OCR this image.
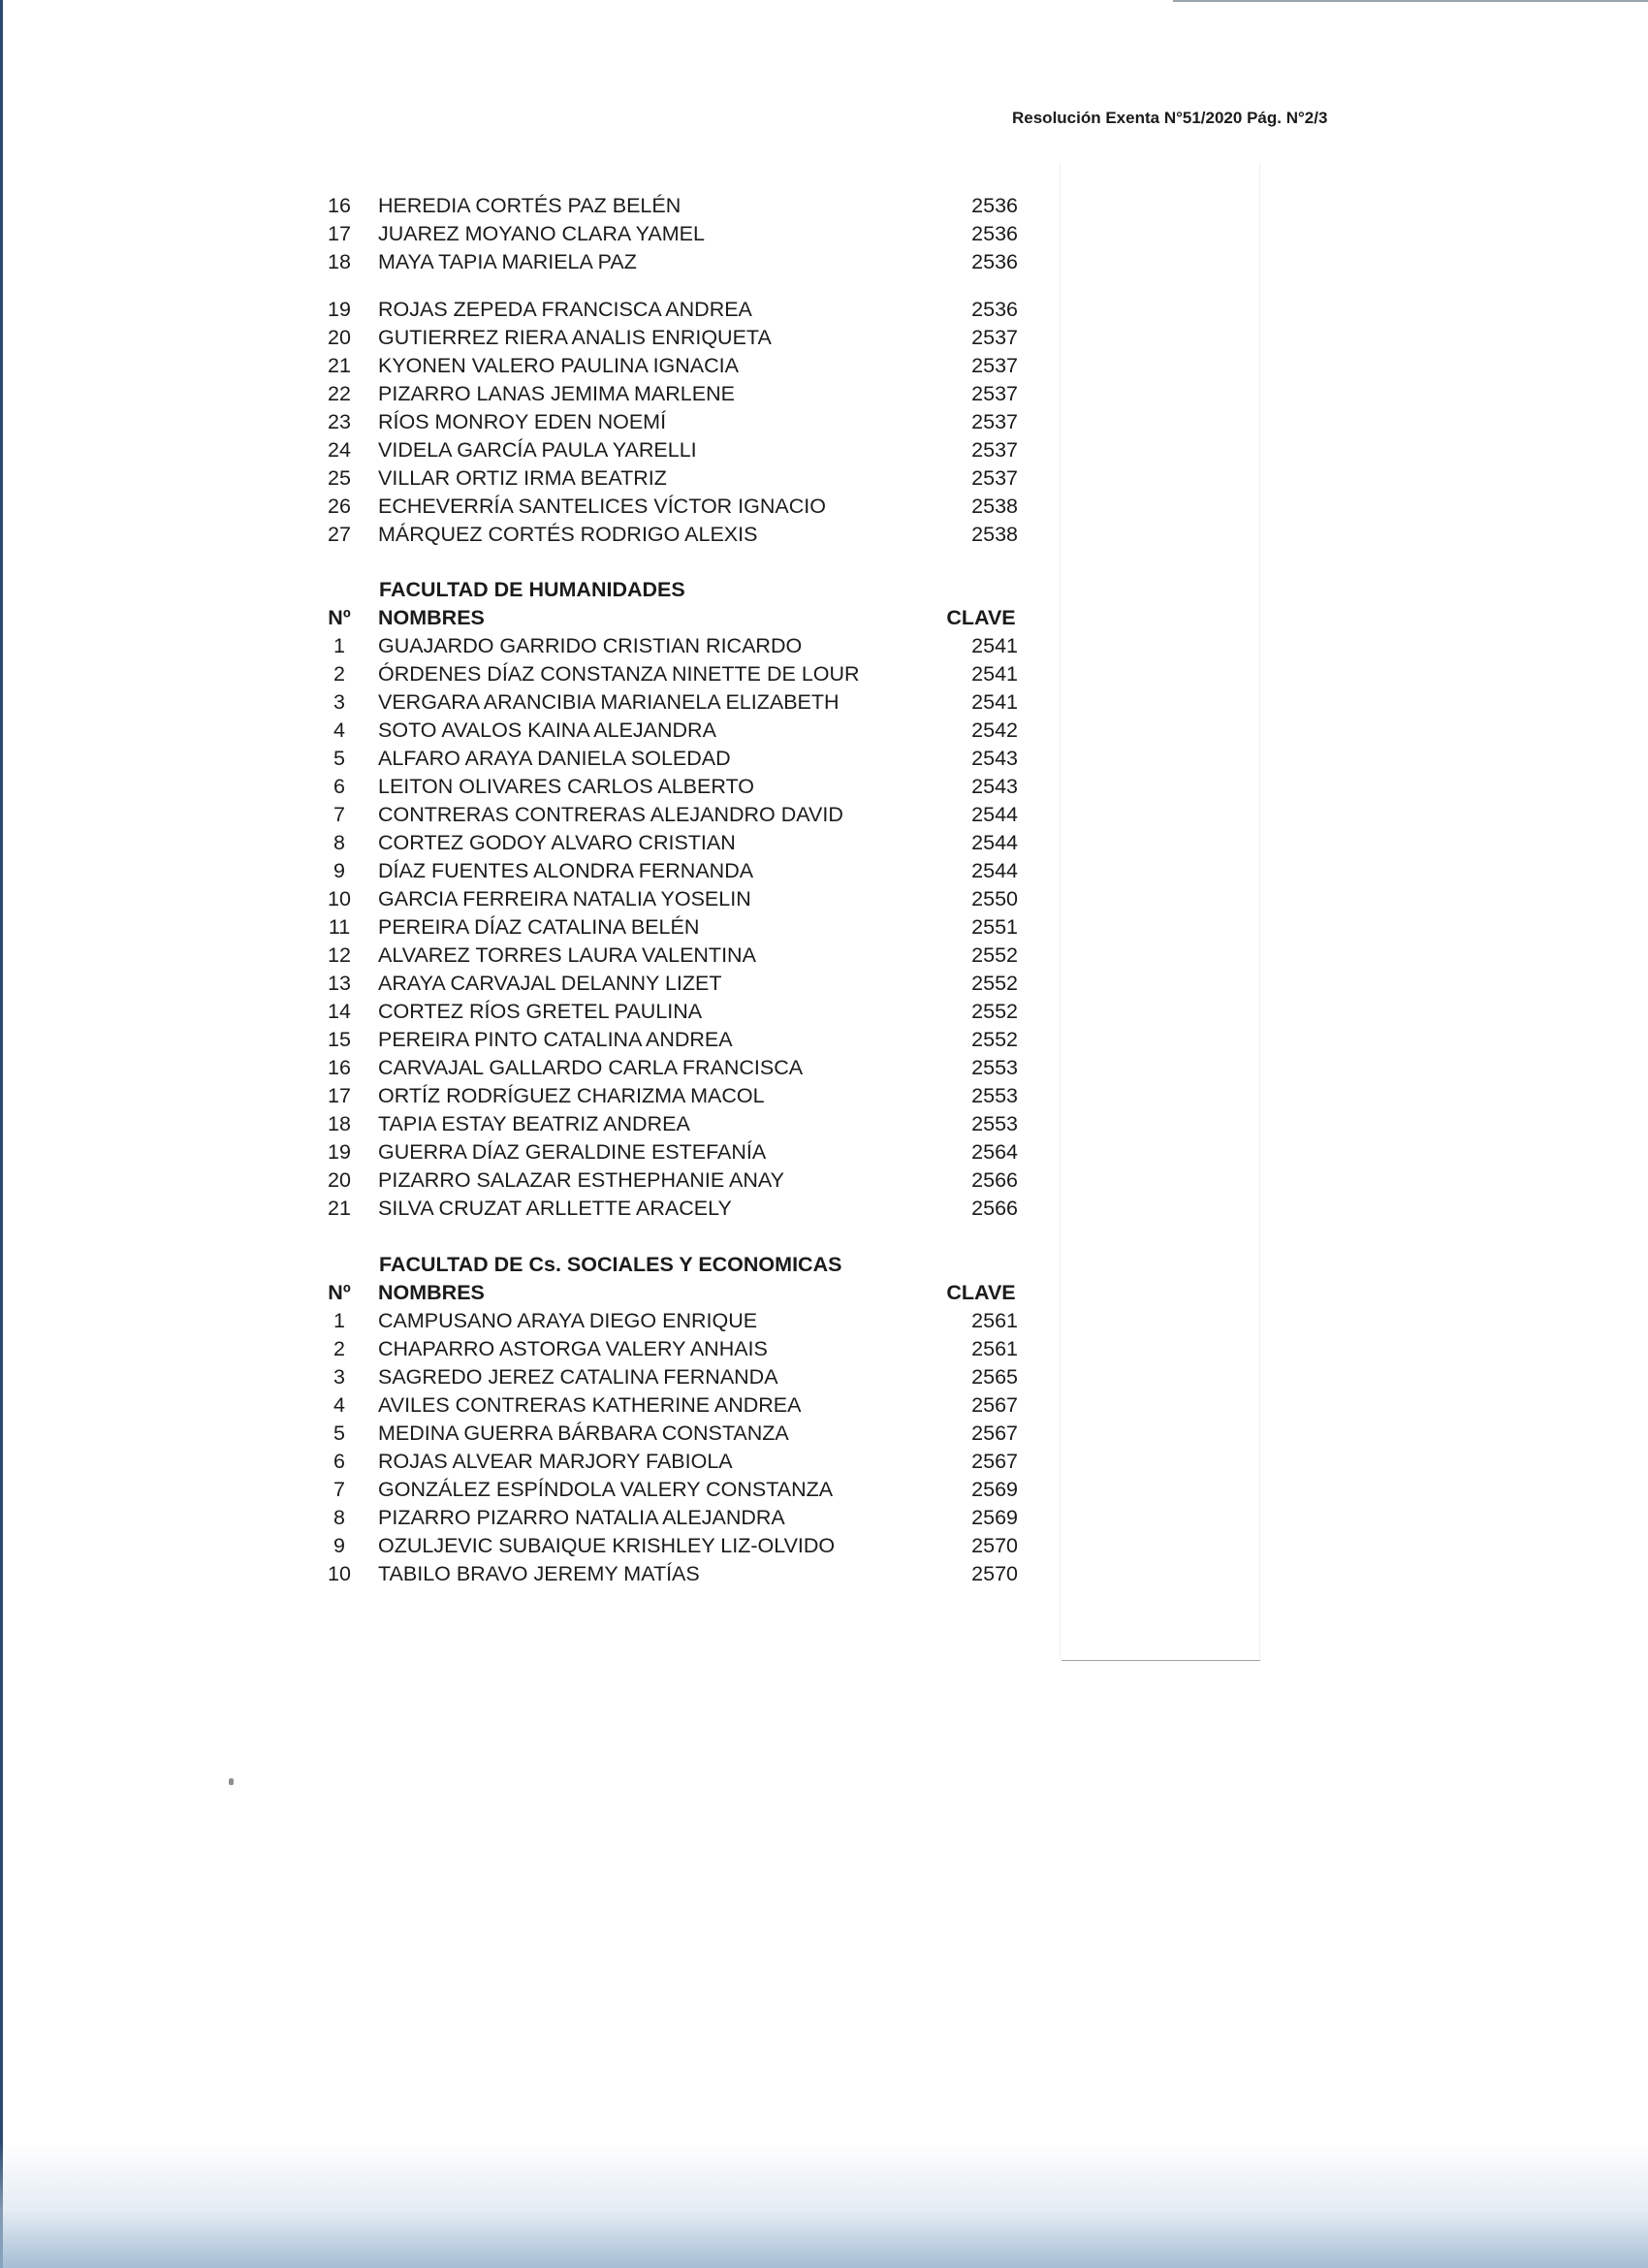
Resolución Exenta N°51/2020 Pág. N°2/3
16	HEREDIA CORTÉS PAZ BELÉN	2536
17	JUAREZ MOYANO CLARA YAMEL	2536
18	MAYA TAPIA MARIELA PAZ	2536
19	ROJAS ZEPEDA FRANCISCA ANDREA	2536
20	GUTIERREZ RIERA ANALIS ENRIQUETA	2537
21	KYONEN VALERO PAULINA IGNACIA	2537
22	PIZARRO LANAS JEMIMA MARLENE	2537
23	RÍOS MONROY EDEN NOEMÍ	2537
24	VIDELA GARCÍA PAULA YARELLI	2537
25	VILLAR ORTIZ IRMA BEATRIZ	2537
26	ECHEVERRÍA SANTELICES VÍCTOR IGNACIO	2538
27	MÁRQUEZ CORTÉS RODRIGO ALEXIS	2538
FACULTAD DE HUMANIDADES
Nº	NOMBRES	CLAVE
1	GUAJARDO GARRIDO CRISTIAN RICARDO	2541
2	ÓRDENES DÍAZ CONSTANZA NINETTE DE LOUR	2541
3	VERGARA ARANCIBIA MARIANELA ELIZABETH	2541
4	SOTO AVALOS KAINA ALEJANDRA	2542
5	ALFARO ARAYA DANIELA SOLEDAD	2543
6	LEITON OLIVARES CARLOS ALBERTO	2543
7	CONTRERAS CONTRERAS ALEJANDRO DAVID	2544
8	CORTEZ GODOY ALVARO CRISTIAN	2544
9	DÍAZ FUENTES ALONDRA FERNANDA	2544
10	GARCIA FERREIRA NATALIA YOSELIN	2550
11	PEREIRA DÍAZ CATALINA BELÉN	2551
12	ALVAREZ TORRES LAURA VALENTINA	2552
13	ARAYA CARVAJAL DELANNY LIZET	2552
14	CORTEZ RÍOS GRETEL PAULINA	2552
15	PEREIRA PINTO CATALINA ANDREA	2552
16	CARVAJAL GALLARDO CARLA FRANCISCA	2553
17	ORTÍZ RODRÍGUEZ CHARIZMA MACOL	2553
18	TAPIA ESTAY BEATRIZ ANDREA	2553
19	GUERRA DÍAZ GERALDINE ESTEFANÍA	2564
20	PIZARRO SALAZAR ESTHEPHANIE ANAY	2566
21	SILVA CRUZAT ARLLETTE ARACELY	2566
FACULTAD DE Cs. SOCIALES Y ECONOMICAS
Nº	NOMBRES	CLAVE
1	CAMPUSANO ARAYA DIEGO ENRIQUE	2561
2	CHAPARRO ASTORGA VALERY ANHAIS	2561
3	SAGREDO JEREZ CATALINA FERNANDA	2565
4	AVILES CONTRERAS KATHERINE ANDREA	2567
5	MEDINA GUERRA BÁRBARA CONSTANZA	2567
6	ROJAS ALVEAR MARJORY FABIOLA	2567
7	GONZÁLEZ ESPÍNDOLA VALERY CONSTANZA	2569
8	PIZARRO PIZARRO NATALIA ALEJANDRA	2569
9	OZULJEVIC SUBAIQUE KRISHLEY LIZ-OLVIDO	2570
10	TABILO BRAVO JEREMY MATÍAS	2570
